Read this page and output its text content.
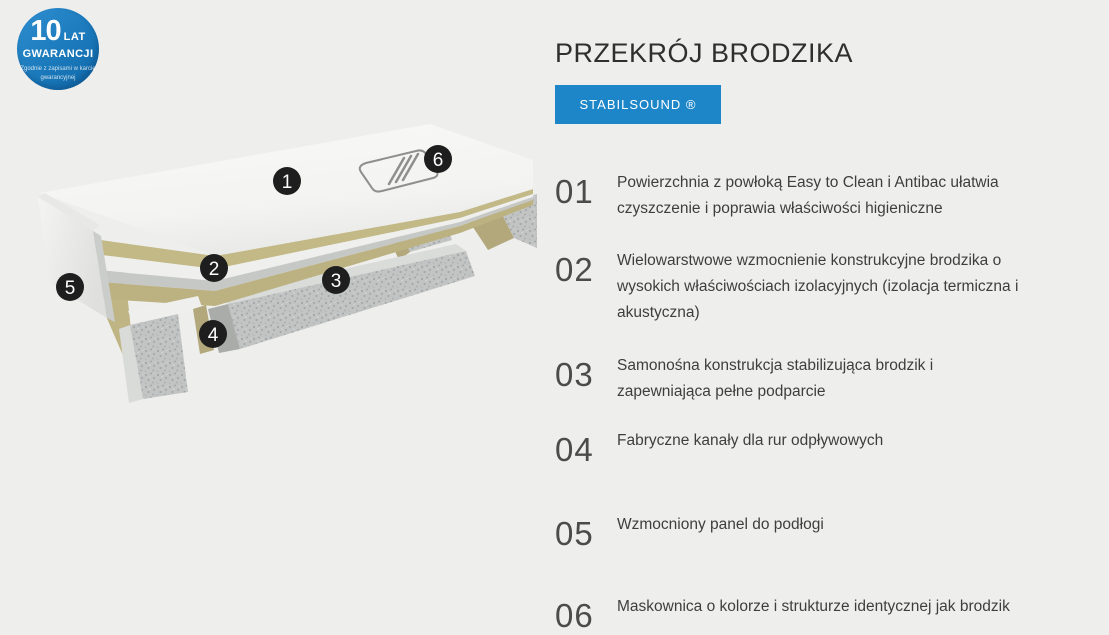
10 LAT
GWARANCJI
Zgodnie z zapisami w karcie
gwarancyjnej
1
2
3
4
5
6
PRZEKRÓJ BRODZIKA
STABILSOUND ®
01	Powierzchnia z powłoką Easy to Clean i Antibac ułatwia czyszczenie i poprawia właściwości higieniczne
02	Wielowarstwowe wzmocnienie konstrukcyjne brodzika o wysokich właściwościach izolacyjnych (izolacja termiczna i akustyczna)
03	Samonośna konstrukcja stabilizująca brodzik i zapewniająca pełne podparcie
04	Fabryczne kanały dla rur odpływowych
05	Wzmocniony panel do podłogi
06	Maskownica o kolorze i strukturze identycznej jak brodzik
